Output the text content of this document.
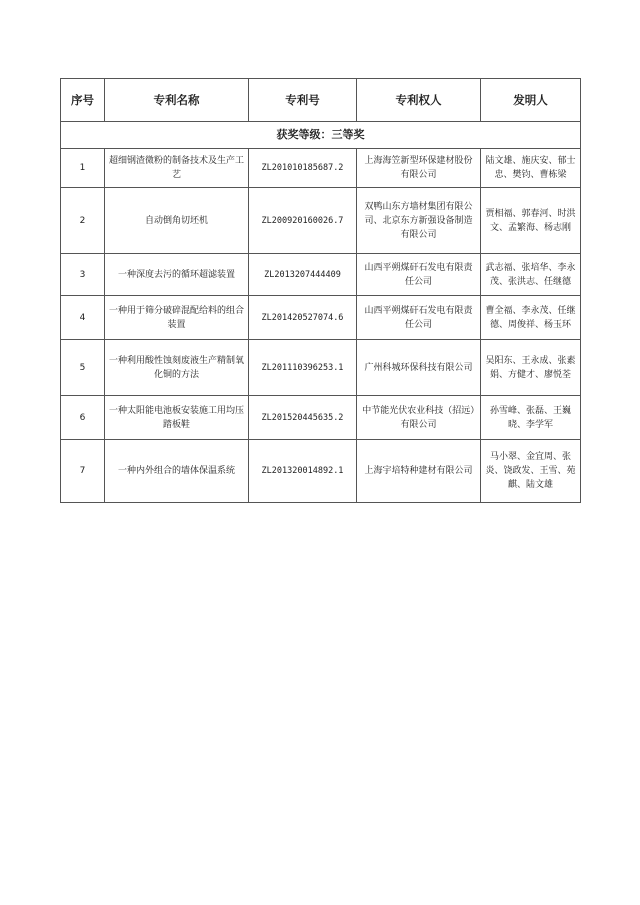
序号	专利名称	专利号	专利权人	发明人
获奖等级：三等奖				
1	超细钢渣微粉的制备技术及生产工艺	ZL201010185687.2	上海海笠新型环保建材股份有限公司	陆文雄、施庆安、郁士忠、樊钧、曹栋梁
2	自动倒角切坯机	ZL200920160026.7	双鸭山东方墙材集团有限公司、北京东方新强设备制造有限公司	贾相福、郭春河、时洪文、孟繁海、杨志刚
3	一种深度去污的循环超滤装置	ZL2013207444409	山西平朔煤矸石发电有限责任公司	武志福、张培华、李永茂、张洪志、任继德
4	一种用于筛分破碎混配给料的组合装置	ZL201420527074.6	山西平朔煤矸石发电有限责任公司	曹全福、李永茂、任继德、周俊祥、杨玉环
5	一种利用酸性蚀刻废液生产精制氧化铜的方法	ZL201110396253.1	广州科城环保科技有限公司	吴阳东、王永成、张素娟、方健才、廖悦荃
6	一种太阳能电池板安装施工用均压踏板鞋	ZL201520445635.2	中节能光伏农业科技（招远）有限公司	孙雪峰、张磊、王巍晓、李学军
7	一种内外组合的墙体保温系统	ZL201320014892.1	上海宇培特种建材有限公司	马小翠、金宜周、张炎、饶政发、王雪、苑麒、陆文雄
